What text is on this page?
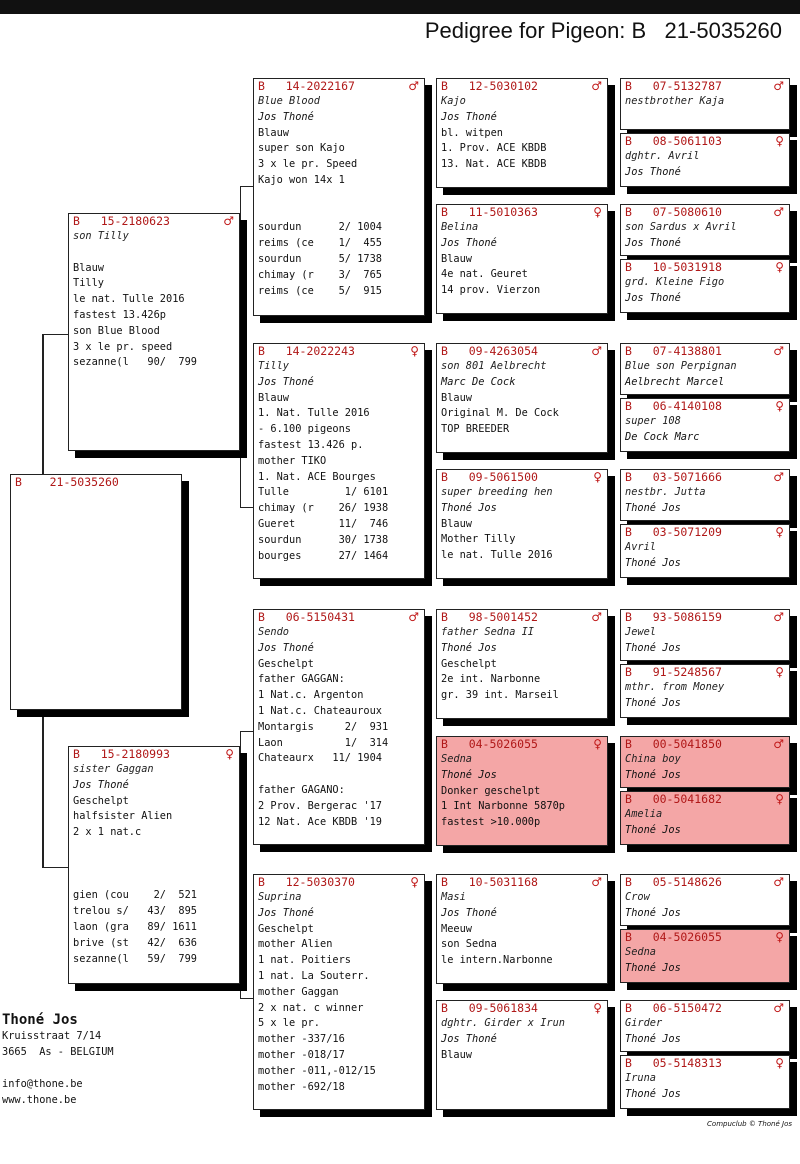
Pedigree for Pigeon: B   21-5035260
B    21-5035260
B   15-2180623	♂
son Tilly
Blauw
Tilly
le nat. Tulle 2016
fastest 13.426p
son Blue Blood
3 x le pr. speed
sezanne(l   90/  799
B   15-2180993	♀
sister Gaggan
Jos Thoné
Geschelpt
halfsister Alien
2 x 1 nat.c
gien (cou    2/  521
trelou s/   43/  895
laon (gra   89/ 1611
brive (st   42/  636
sezanne(l   59/  799
B   14-2022167	♂
Blue Blood
Jos Thoné
Blauw
super son Kajo
3 x le pr. Speed
Kajo won 14x 1
sourdun      2/ 1004
reims (ce    1/  455
sourdun      5/ 1738
chimay (r    3/  765
reims (ce    5/  915
B   14-2022243	♀
Tilly
Jos Thoné
Blauw
1. Nat. Tulle 2016
- 6.100 pigeons
fastest 13.426 p.
mother TIKO
1. Nat. ACE Bourges
Tulle         1/ 6101
chimay (r    26/ 1938
Gueret       11/  746
sourdun      30/ 1738
bourges      27/ 1464
B   06-5150431	♂
Sendo
Jos Thoné
Geschelpt
father GAGGAN:
1 Nat.c. Argenton
1 Nat.c. Chateauroux
Montargis     2/  931
Laon          1/  314
Chateaurx   11/ 1904
father GAGANO:
2 Prov. Bergerac '17
12 Nat. Ace KBDB '19
B   12-5030370	♀
Suprina
Jos Thoné
Geschelpt
mother Alien
1 nat. Poitiers
1 nat. La Souterr.
mother Gaggan
2 x nat. c winner
5 x le pr.
mother -337/16
mother -018/17
mother -011,-012/15
mother -692/18
B   12-5030102	♂
Kajo
Jos Thoné
bl. witpen
1. Prov. ACE KBDB
13. Nat. ACE KBDB
B   11-5010363	♀
Belina
Jos Thoné
Blauw
4e nat. Geuret
14 prov. Vierzon
B   09-4263054	♂
son 801 Aelbrecht
Marc De Cock
Blauw
Original M. De Cock
TOP BREEDER
B   09-5061500	♀
super breeding hen
Thoné Jos
Blauw
Mother Tilly
le nat. Tulle 2016
B   98-5001452	♂
father Sedna II
Thoné Jos
Geschelpt
2e int. Narbonne
gr. 39 int. Marseil
B   04-5026055	♀
Sedna
Thoné Jos
Donker geschelpt
1 Int Narbonne 5870p
fastest >10.000p
B   10-5031168	♂
Masi
Jos Thoné
Meeuw
son Sedna
le intern.Narbonne
B   09-5061834	♀
dghtr. Girder x Irun
Jos Thoné
Blauw
B   07-5132787	♂
nestbrother Kaja
B   08-5061103	♀
dghtr. Avril
Jos Thoné
B   07-5080610	♂
son Sardus x Avril
Jos Thoné
B   10-5031918	♀
grd. Kleine Figo
Jos Thoné
B   07-4138801	♂
Blue son Perpignan
Aelbrecht Marcel
B   06-4140108	♀
super 108
De Cock Marc
B   03-5071666	♂
nestbr. Jutta
Thoné Jos
B   03-5071209	♀
Avril
Thoné Jos
B   93-5086159	♂
Jewel
Thoné Jos
B   91-5248567	♀
mthr. from Money
Thoné Jos
B   00-5041850	♂
China boy
Thoné Jos
B   00-5041682	♀
Amelia
Thoné Jos
B   05-5148626	♂
Crow
Thoné Jos
B   04-5026055	♀
Sedna
Thoné Jos
B   06-5150472	♂
Girder
Thoné Jos
B   05-5148313	♀
Iruna
Thoné Jos
Thoné Jos
Kruisstraat 7/14
3665  As - BELGIUM
info@thone.be
www.thone.be
Compuclub © Thoné Jos
